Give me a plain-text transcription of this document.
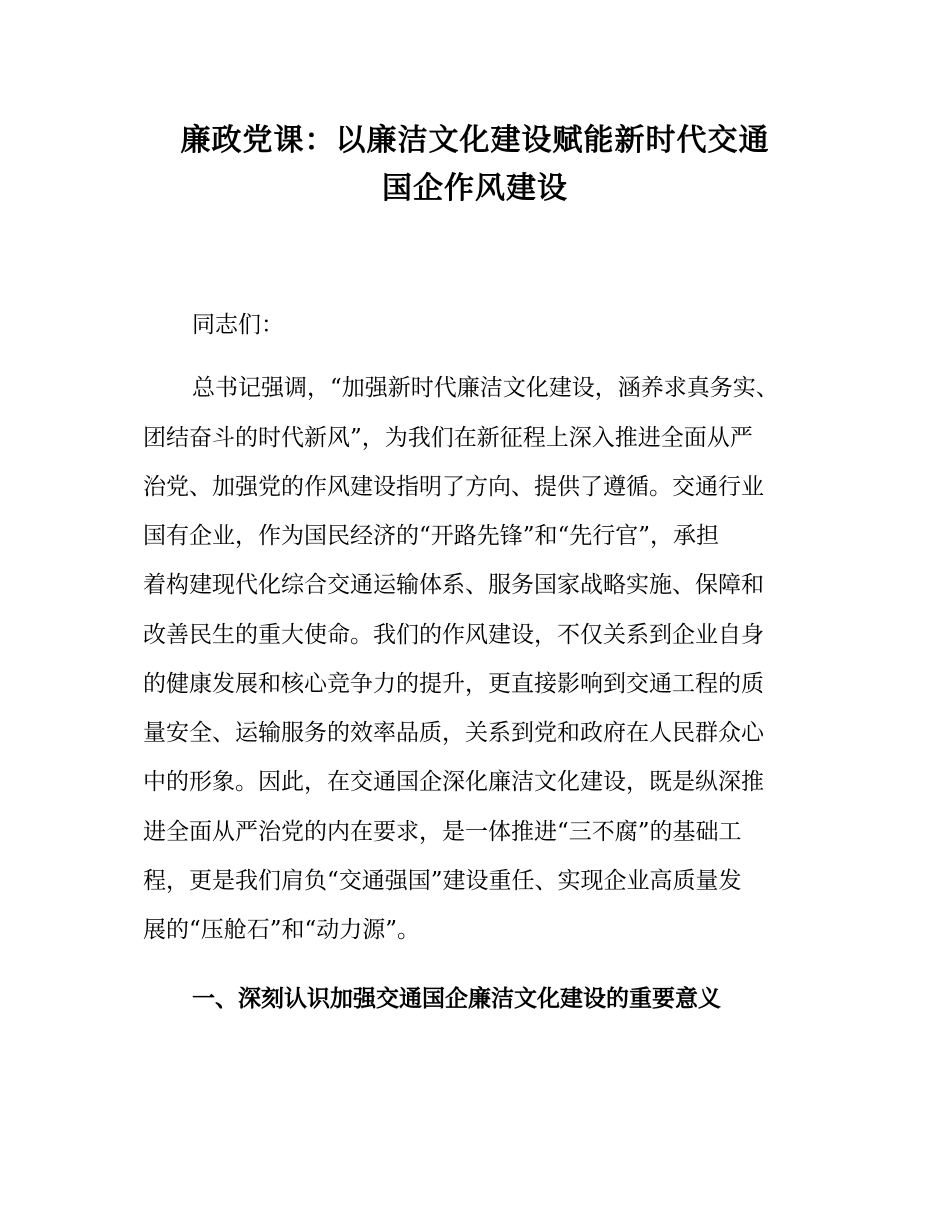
廉政党课：以廉洁文化建设赋能新时代交通
国企作风建设

同志们：

总书记强调，“加强新时代廉洁文化建设，涵养求真务实、

团结奋斗的时代新风”，为我们在新征程上深入推进全面从严

治党、加强党的作风建设指明了方向、提供了遵循。交通行业

国有企业，作为国民经济的“开路先锋”和“先行官”，承担

着构建现代化综合交通运输体系、服务国家战略实施、保障和

改善民生的重大使命。我们的作风建设，不仅关系到企业自身

的健康发展和核心竞争力的提升，更直接影响到交通工程的质

量安全、运输服务的效率品质，关系到党和政府在人民群众心

中的形象。因此，在交通国企深化廉洁文化建设，既是纵深推

进全面从严治党的内在要求，是一体推进“三不腐”的基础工

程，更是我们肩负“交通强国”建设重任、实现企业高质量发

展的“压舱石”和“动力源”。

一、深刻认识加强交通国企廉洁文化建设的重要意义
